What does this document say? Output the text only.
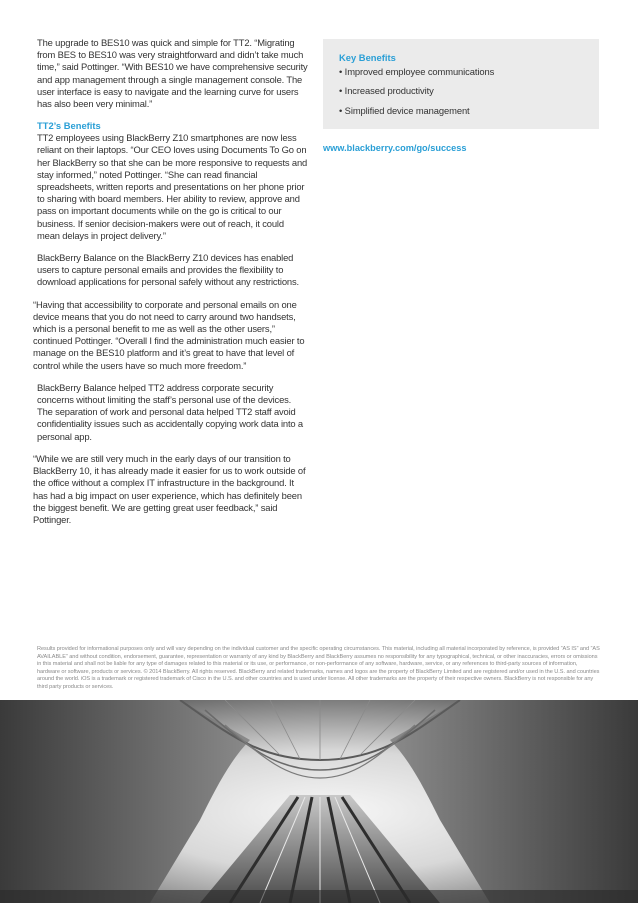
The upgrade to BES10 was quick and simple for TT2. “Migrating from BES to BES10 was very straightforward and didn’t take much time,” said Pottinger. “With BES10 we have comprehensive security and app management through a single management console. The user interface is easy to navigate and the learning curve for users has also been very minimal.”

TT2’s Benefits

TT2 employees using BlackBerry Z10 smartphones are now less reliant on their laptops. “Our CEO loves using Documents To Go on her BlackBerry so that she can be more responsive to requests and stay informed,” noted Pottinger. “She can read financial spreadsheets, written reports and presentations on her phone prior to sharing with board members. Her ability to review, approve and pass on important documents while on the go is critical to our business. If senior decision-makers were out of reach, it could mean delays in project delivery.”

BlackBerry Balance on the BlackBerry Z10 devices has enabled users to capture personal emails and provides the flexibility to download applications for personal safely without any restrictions.

“Having that accessibility to corporate and personal emails on one device means that you do not need to carry around two handsets, which is a personal benefit to me as well as the other users,” continued Pottinger. “Overall I find the administration much easier to manage on the BES10 platform and it’s great to have that level of control while the users have so much more freedom.”

BlackBerry Balance helped TT2 address corporate security concerns without limiting the staff’s personal use of the devices. The separation of work and personal data helped TT2 staff avoid confidentiality issues such as accidentally copying work data into a personal app.

“While we are still very much in the early days of our transition to BlackBerry 10, it has already made it easier for us to work outside of the office without a complex IT infrastructure in the background. It has had a big impact on user experience, which has definitely been the biggest benefit. We are getting great user feedback,” said Pottinger.

Key Benefits
• Improved employee communications
• Increased productivity
• Simplified device management
www.blackberry.com/go/success
Results provided for informational purposes only and will vary depending on the individual customer and the specific operating circumstances. This material, including all material incorporated by reference, is provided “AS IS” and “AS AVAILABLE” and without condition, endorsement, guarantee, representation or warranty of any kind by BlackBerry and BlackBerry assumes no responsibility for any typographical, technical, or other inaccuracies, errors or omissions in this material and shall not be liable for any type of damages related to this material or its use, or performance, or non-performance of any software, hardware, service, or any references to third-party sources of information, hardware or software, products or services. © 2014 BlackBerry. All rights reserved. BlackBerry and related trademarks, names and logos are the property of BlackBerry Limited and are registered and/or used in the U.S. and countries around the world. iOS is a trademark or registered trademark of Cisco in the U.S. and other countries and is used under license. All other trademarks are the property of their respective owners. BlackBerry is not responsible for any third party products or services.
